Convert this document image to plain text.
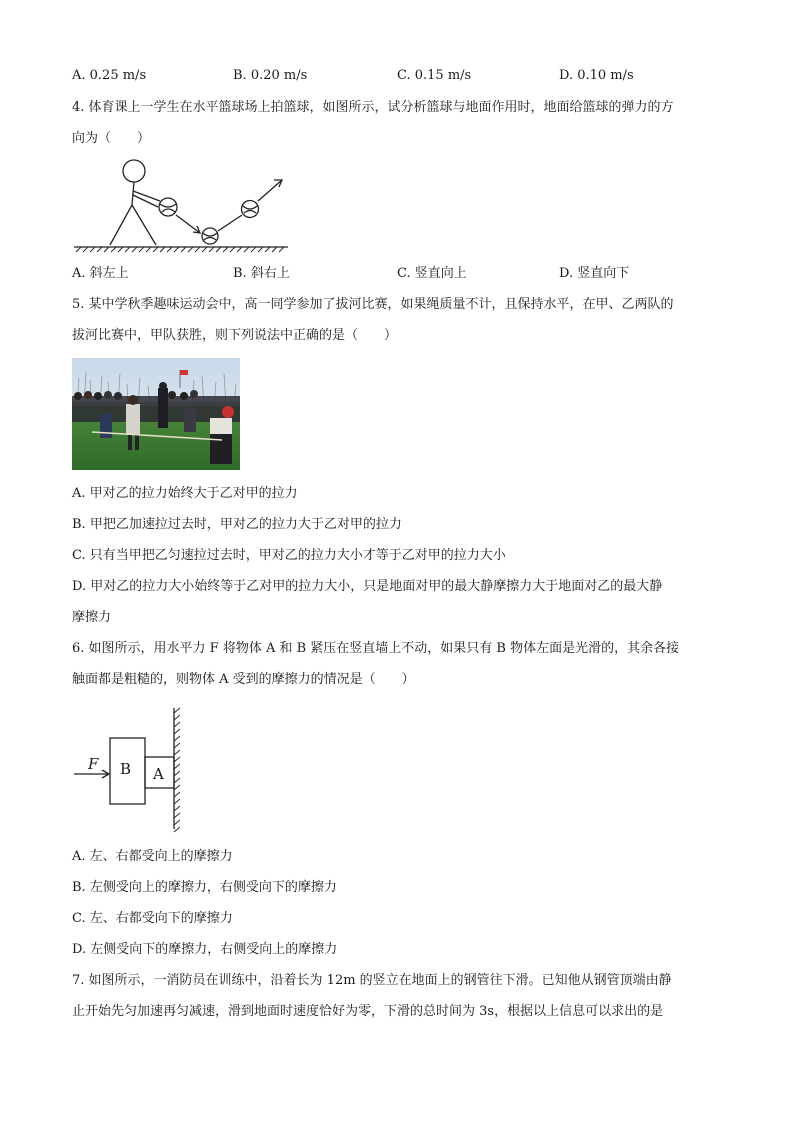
A. 0.25 m/s	B. 0.20 m/s	C. 0.15 m/s	D. 0.10 m/s
4. 体育课上一学生在水平篮球场上拍篮球，如图所示，试分析篮球与地面作用时，地面给篮球的弹力的方
向为（　　）
A. 斜左上	B. 斜右上	C. 竖直向上	D. 竖直向下
5. 某中学秋季趣味运动会中，高一同学参加了拔河比赛，如果绳质量不计，且保持水平，在甲、乙两队的
拔河比赛中，甲队获胜，则下列说法中正确的是（　　）
A. 甲对乙的拉力始终大于乙对甲的拉力
B. 甲把乙加速拉过去时，甲对乙的拉力大于乙对甲的拉力
C. 只有当甲把乙匀速拉过去时，甲对乙的拉力大小才等于乙对甲的拉力大小
D. 甲对乙的拉力大小始终等于乙对甲的拉力大小，只是地面对甲的最大静摩擦力大于地面对乙的最大静
摩擦力
6. 如图所示，用水平力 F 将物体 A 和 B 紧压在竖直墙上不动，如果只有 B 物体左面是光滑的，其余各接
触面都是粗糙的，则物体 A 受到的摩擦力的情况是（　　）
F B A
A. 左、右都受向上的摩擦力
B. 左侧受向上的摩擦力，右侧受向下的摩擦力
C. 左、右都受向下的摩擦力
D. 左侧受向下的摩擦力，右侧受向上的摩擦力
7. 如图所示，一消防员在训练中，沿着长为 12m 的竖立在地面上的钢管往下滑。已知他从钢管顶端由静
止开始先匀加速再匀减速，滑到地面时速度恰好为零，下滑的总时间为 3s，根据以上信息可以求出的是
